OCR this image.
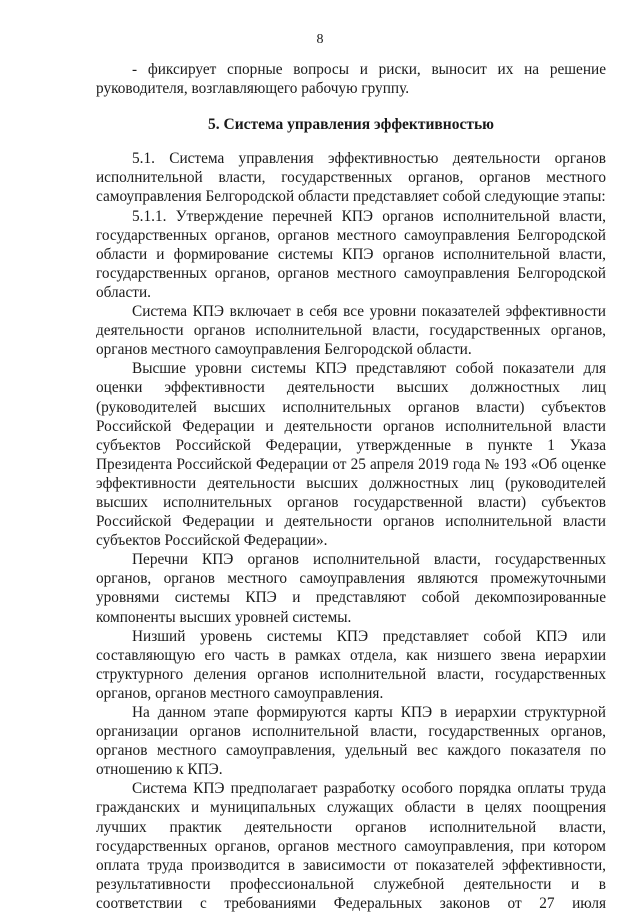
8

- фиксирует спорные вопросы и риски, выносит их на решение руководителя, возглавляющего рабочую группу.

5. Система управления эффективностью

5.1. Система управления эффективностью деятельности органов исполнительной власти, государственных органов, органов местного самоуправления Белгородской области представляет собой следующие этапы:

5.1.1. Утверждение перечней КПЭ органов исполнительной власти, государственных органов, органов местного самоуправления Белгородской области и формирование системы КПЭ органов исполнительной власти, государственных органов, органов местного самоуправления Белгородской области.

Система КПЭ включает в себя все уровни показателей эффективности деятельности органов исполнительной власти, государственных органов, органов местного самоуправления Белгородской области.

Высшие уровни системы КПЭ представляют собой показатели для оценки эффективности деятельности высших должностных лиц (руководителей высших исполнительных органов власти) субъектов Российской Федерации и деятельности органов исполнительной власти субъектов Российской Федерации, утвержденные в пункте 1 Указа Президента Российской Федерации от 25 апреля 2019 года № 193 «Об оценке эффективности деятельности высших должностных лиц (руководителей высших исполнительных органов государственной власти) субъектов Российской Федерации и деятельности органов исполнительной власти субъектов Российской Федерации».

Перечни КПЭ органов исполнительной власти, государственных органов, органов местного самоуправления являются промежуточными уровнями системы КПЭ и представляют собой декомпозированные компоненты высших уровней системы.

Низший уровень системы КПЭ представляет собой КПЭ или составляющую его часть в рамках отдела, как низшего звена иерархии структурного деления органов исполнительной власти, государственных органов, органов местного самоуправления.

На данном этапе формируются карты КПЭ в иерархии структурной организации органов исполнительной власти, государственных органов, органов местного самоуправления, удельный вес каждого показателя по отношению к КПЭ.

Система КПЭ предполагает разработку особого порядка оплаты труда гражданских и муниципальных служащих области в целях поощрения лучших практик деятельности органов исполнительной власти, государственных органов, органов местного самоуправления, при котором оплата труда производится в зависимости от показателей эффективности, результативности профессиональной служебной деятельности и в соответствии с требованиями Федеральных законов от 27 июля
